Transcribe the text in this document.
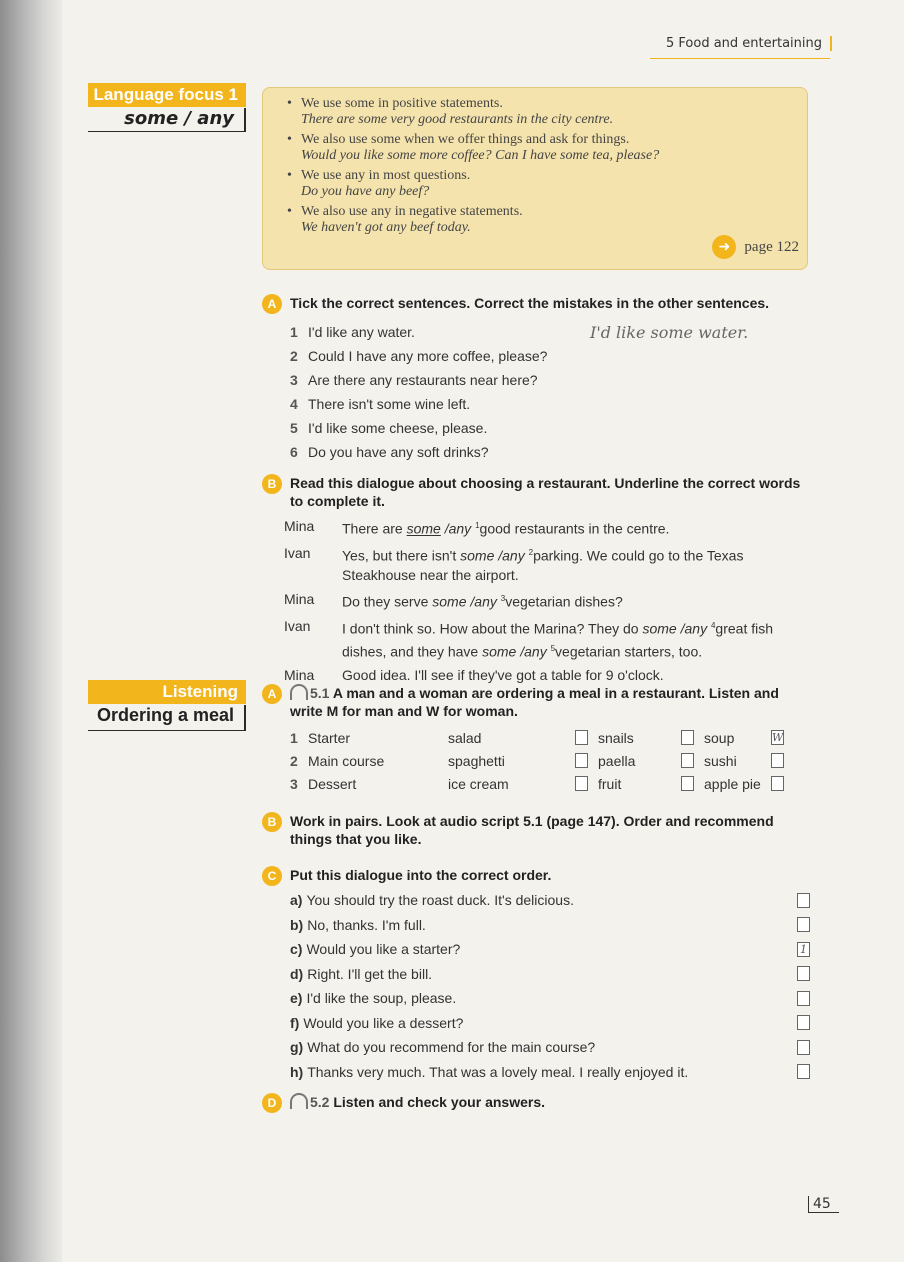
5 Food and entertaining
Language focus 1
some / any
• We use some in positive statements.
There are some very good restaurants in the city centre.
• We also use some when we offer things and ask for things.
Would you like some more coffee? Can I have some tea, please?
• We use any in most questions.
Do you have any beef?
• We also use any in negative statements.
We haven't got any beef today.
➜ page 122
A Tick the correct sentences. Correct the mistakes in the other sentences.
1 I'd like any water.	I'd like some water.
2 Could I have any more coffee, please?
3 Are there any restaurants near here?
4 There isn't some wine left.
5 I'd like some cheese, please.
6 Do you have any soft drinks?
B Read this dialogue about choosing a restaurant. Underline the correct words to complete it.
Mina	There are some /any $^1$good restaurants in the centre.
Ivan	Yes, but there isn't some /any $^2$parking. We could go to the Texas Steakhouse near the airport.
Mina	Do they serve some /any $^3$vegetarian dishes?
Ivan	I don't think so. How about the Marina? They do some /any $^4$great fish dishes, and they have some /any $^5$vegetarian starters, too.
Mina	Good idea. I'll see if they've got a table for 9 o'clock.
Listening
Ordering a meal
A	5.1 A man and a woman are ordering a meal in a restaurant. Listen and write M for man and W for woman.
1 Starter	salad	snails	soup	W
2 Main course	spaghetti	paella	sushi
3 Dessert	ice cream	fruit	apple pie
B Work in pairs. Look at audio script 5.1 (page 147). Order and recommend things that you like.
C Put this dialogue into the correct order.
a) You should try the roast duck. It's delicious.
b) No, thanks. I'm full.
c) Would you like a starter?	1
d) Right. I'll get the bill.
e) I'd like the soup, please.
f) Would you like a dessert?
g) What do you recommend for the main course?
h) Thanks very much. That was a lovely meal. I really enjoyed it.
D	5.2 Listen and check your answers.
45
